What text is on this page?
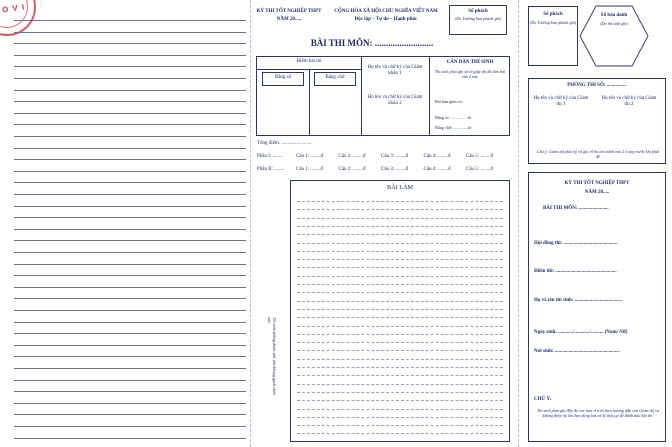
O V I	KỲ THI TỐT NGHIỆP THPT
NĂM 20.....
CỘNG HÒA XÃ HỘI CHỦ NGHĨA VIỆT NAM
Độc lập – Tự do – Hạnh phúc
Số phách
(Do Trưởng ban phách ghi)
BÀI THI MÔN: ..........................
Điểm bài thi
Bằng số	Bằng chữ
Họ tên và chữ ký của Giám khảo 1
Họ tên và chữ ký của Giám khảo 2
CẦN DẶN THÍ SINH
Thí sinh phải ghi số tờ giấy thi đã làm bài vào ô này
Bài làm gồm có:
Bằng số: ................tờ
Bằng chữ: ..............tờ
Tổng điểm: ........................
Phần I: ........	Câu 1: ........đ	Câu 2: ........đ	Câu 3: ........đ	Câu 4: ........đ	Câu 5: ........đ
Phần II: ........	Câu 1: ........đ	Câu 2: ........đ	Câu 3: ........đ	Câu 4: ........đ	Câu 5: ........đ
BÀI LÀM
Thí sinh không được viết vào khung gạch chéo này
Số phách
(Do Trưởng ban phách ghi)
Số báo danh
(Do thí sinh ghi)
PHÒNG THI SỐ: ................
Họ tên và chữ ký của Giám thị 1
Họ tên và chữ ký của Giám thị 2
Chú ý: Giám thị phải ký và ghi rõ họ tên mình vào 2 ô này trước khi phát đề
KỲ THI TỐT NGHIỆP THPT
NĂM 20.....
BÀI THI MÔN: ........................
Hội đồng thi: ...........................................
Điểm thi: .................................................
Họ và tên thí sinh: ......................................
Ngày sinh: ............/............/.......... (Nam/ Nữ)
Nơi sinh: ....................................................
CHÚ Ý:
Thí sinh phải ghi đầy đủ các mục ở trên theo hướng dẫn của Giám thị và không được ký tên hay dùng bất cứ ký hiệu gì để đánh dấu bài thi.
